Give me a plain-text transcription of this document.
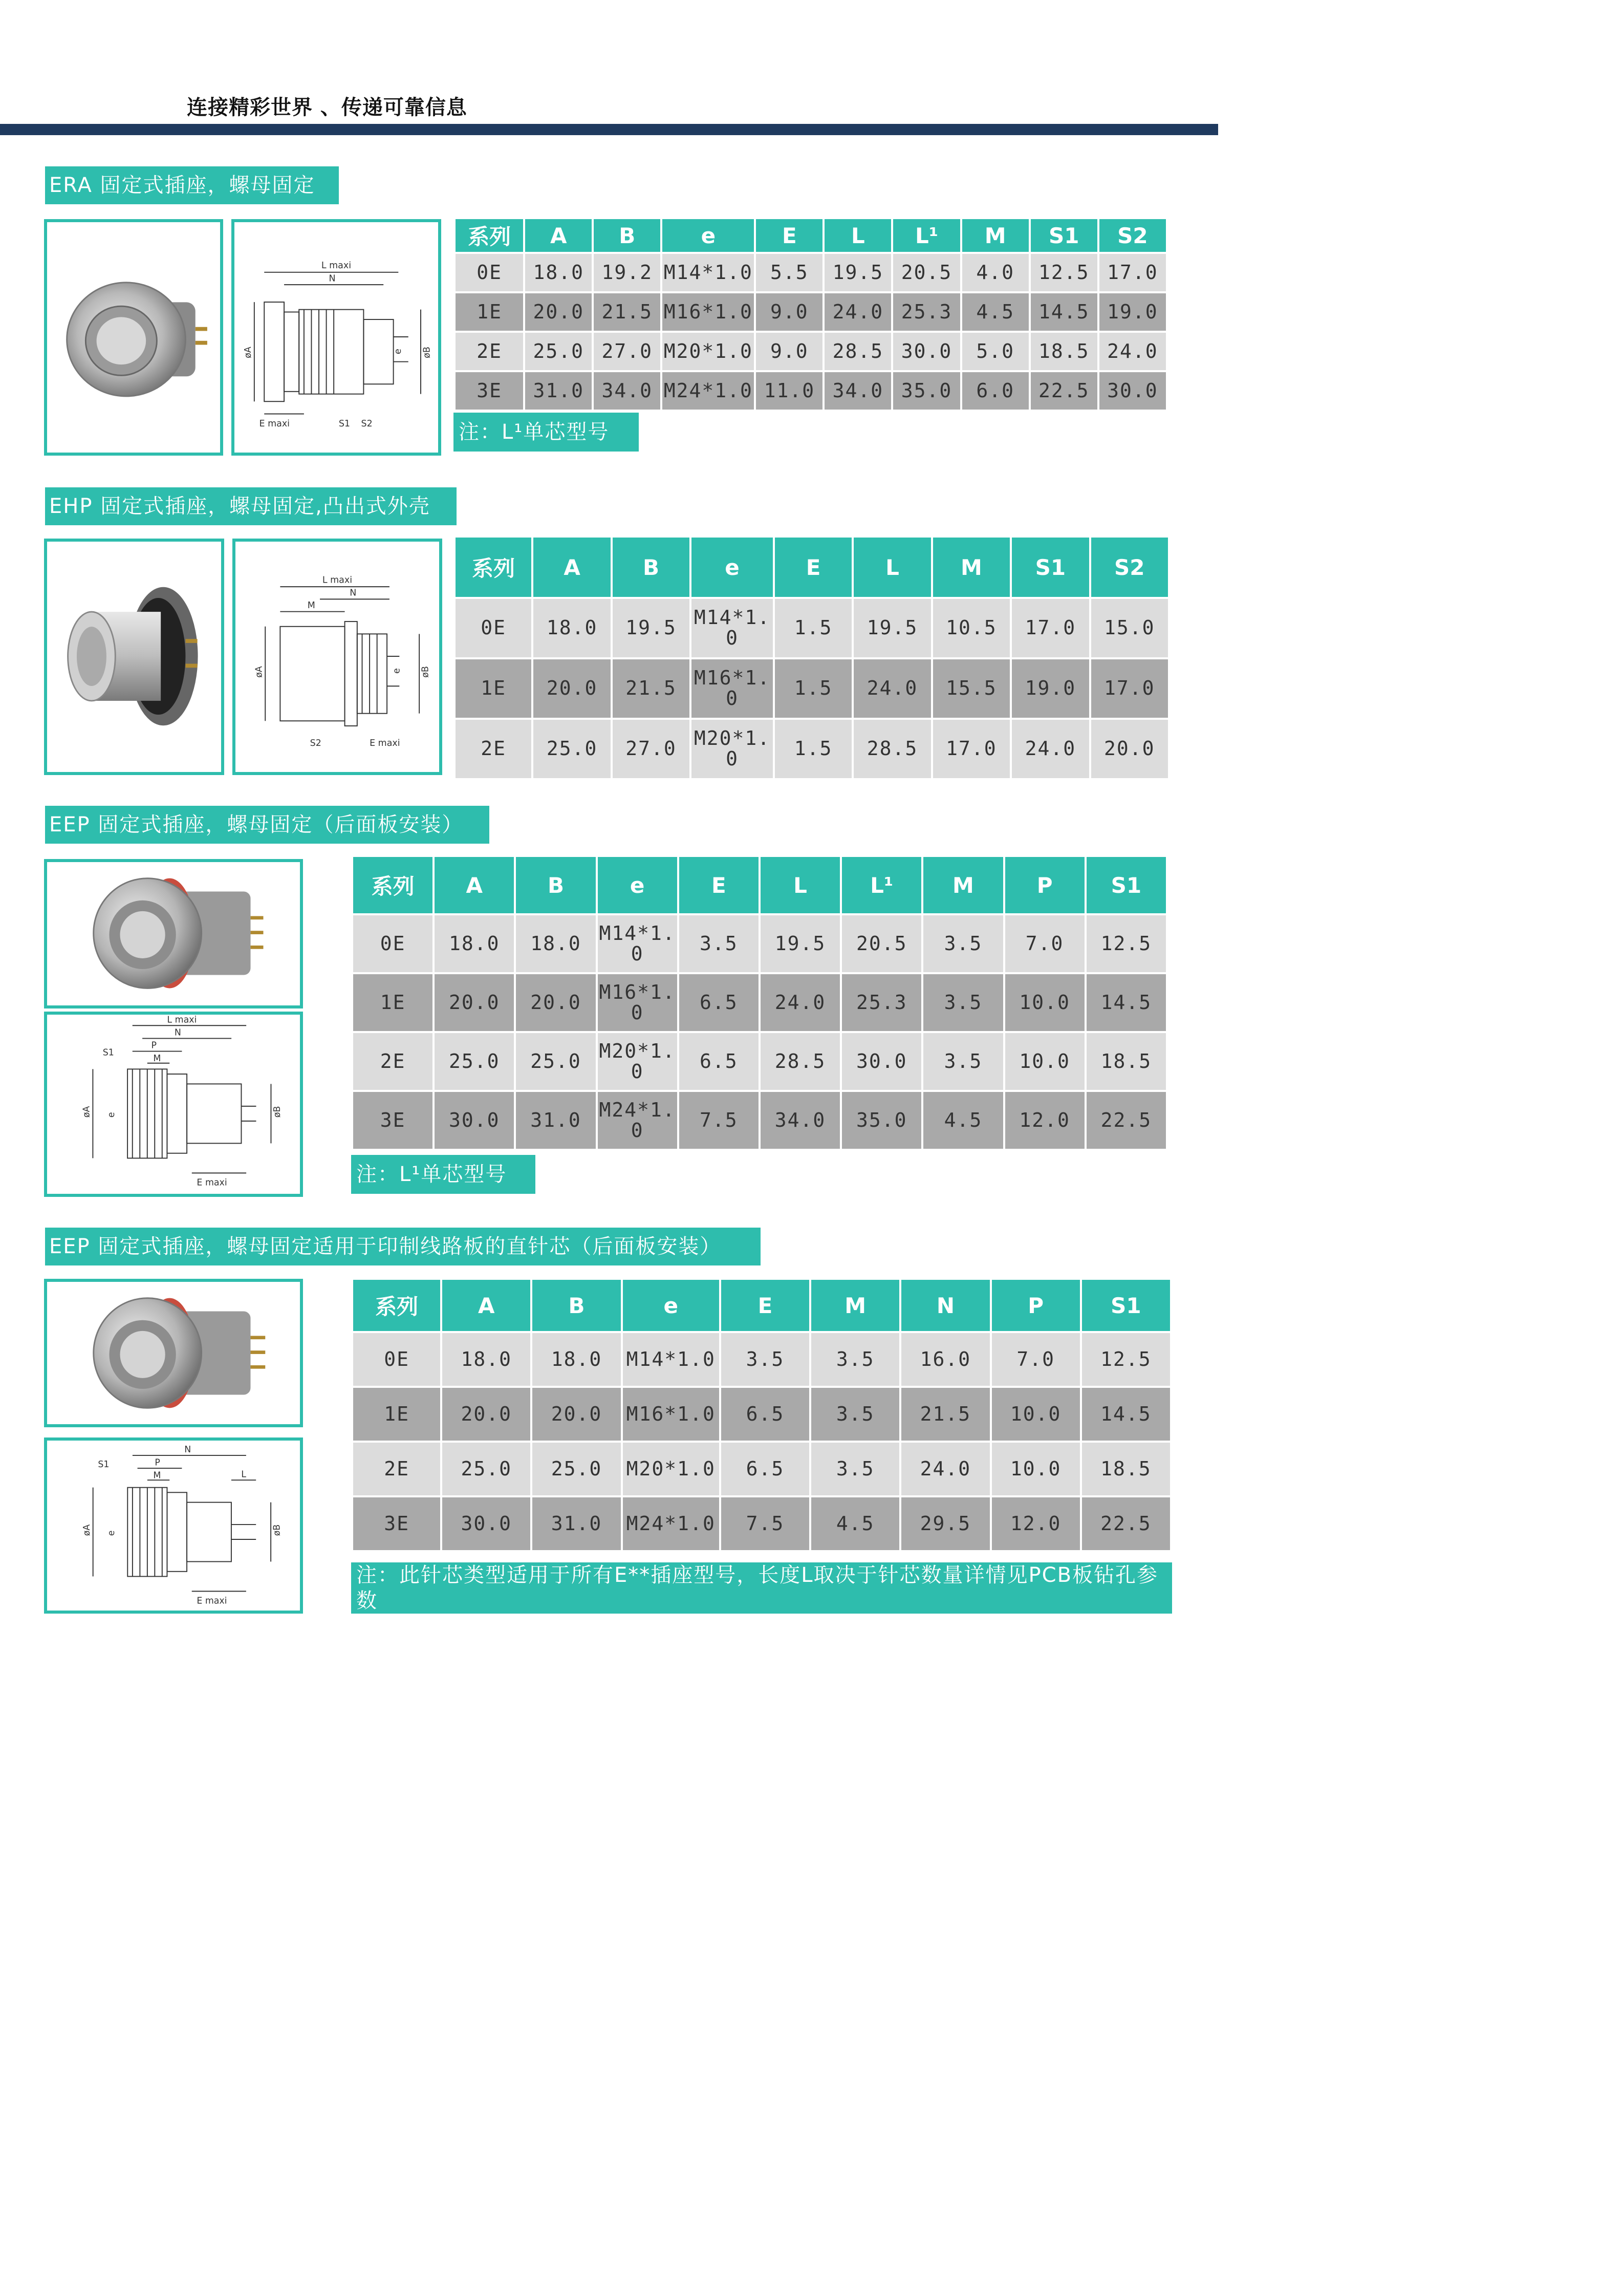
连接精彩世界 、传递可靠信息
ERA 固定式插座，螺母固定
L maxi
N
øA	øB
e
E maxi	S1 S2
系列	A	B	e	E	L	L¹	M	S1	S2
0E	18.0	19.2	M14*1.0	5.5	19.5	20.5	4.0	12.5	17.0
1E	20.0	21.5	M16*1.0	9.0	24.0	25.3	4.5	14.5	19.0
2E	25.0	27.0	M20*1.0	9.0	28.5	30.0	5.0	18.5	24.0
3E	31.0	34.0	M24*1.0	11.0	34.0	35.0	6.0	22.5	30.0
注：L¹单芯型号
EHP 固定式插座，螺母固定,凸出式外壳
L maxi
N
M
øA	øB
e
S2	E maxi
系列	A	B	e	E	L	M	S1	S2
0E	18.0	19.5	M14*1.0	1.5	19.5	10.5	17.0	15.0
1E	20.0	21.5	M16*1.0	1.5	24.0	15.5	19.0	17.0
2E	25.0	27.0	M20*1.0	1.5	28.5	17.0	24.0	20.0
EEP 固定式插座，螺母固定（后面板安装）
L maxi
N
P
M
S1
øA e	øB
E maxi
系列	A	B	e	E	L	L¹	M	P	S1
0E	18.0	18.0	M14*1.0	3.5	19.5	20.5	3.5	7.0	12.5
1E	20.0	20.0	M16*1.0	6.5	24.0	25.3	3.5	10.0	14.5
2E	25.0	25.0	M20*1.0	6.5	28.5	30.0	3.5	10.0	18.5
3E	30.0	31.0	M24*1.0	7.5	34.0	35.0	4.5	12.0	22.5
注：L¹单芯型号
EEP 固定式插座，螺母固定适用于印制线路板的直针芯（后面板安装）
N
P
M	L
S1
øA e	øB
E maxi
系列	A	B	e	E	M	N	P	S1
0E	18.0	18.0	M14*1.0	3.5	3.5	16.0	7.0	12.5
1E	20.0	20.0	M16*1.0	6.5	3.5	21.5	10.0	14.5
2E	25.0	25.0	M20*1.0	6.5	3.5	24.0	10.0	18.5
3E	30.0	31.0	M24*1.0	7.5	4.5	29.5	12.0	22.5
注：此针芯类型适用于所有E**插座型号，长度L取决于针芯数量详情见PCB板钻孔参数
